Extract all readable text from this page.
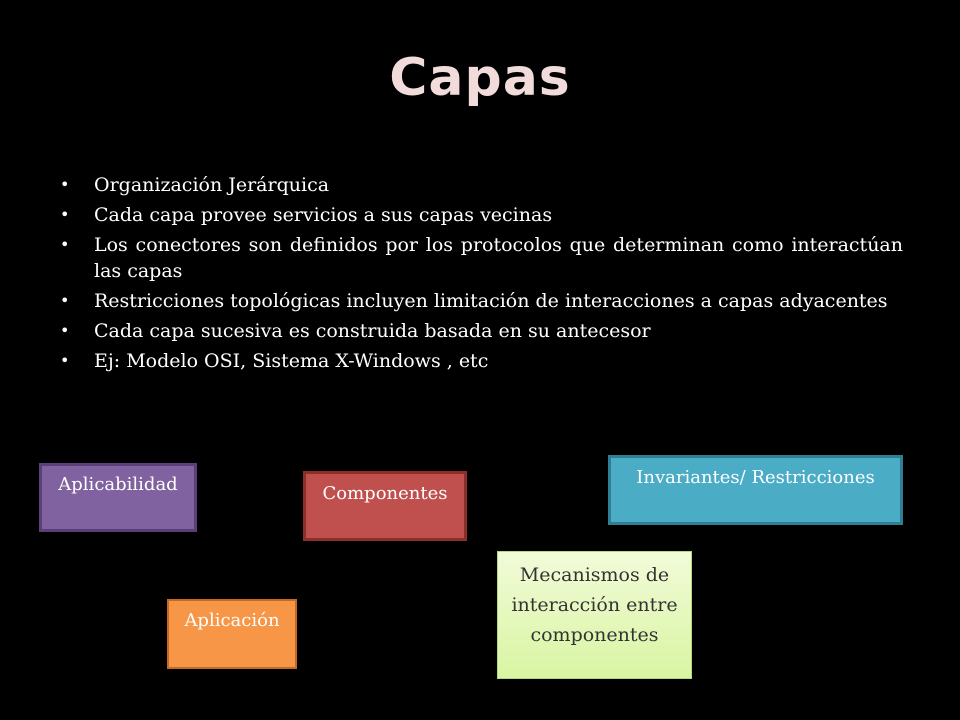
Capas
• Organización Jerárquica
• Cada capa provee servicios a sus capas vecinas
• Los conectores son definidos por los protocolos que determinan como interactúan las capas
• Restricciones topológicas incluyen limitación de interacciones a capas adyacentes
• Cada capa sucesiva es construida basada en su antecesor
• Ej: Modelo OSI, Sistema X-Windows , etc
Aplicabilidad	Componentes
Invariantes/ Restricciones
Aplicación
Mecanismos de interacción entre componentes
